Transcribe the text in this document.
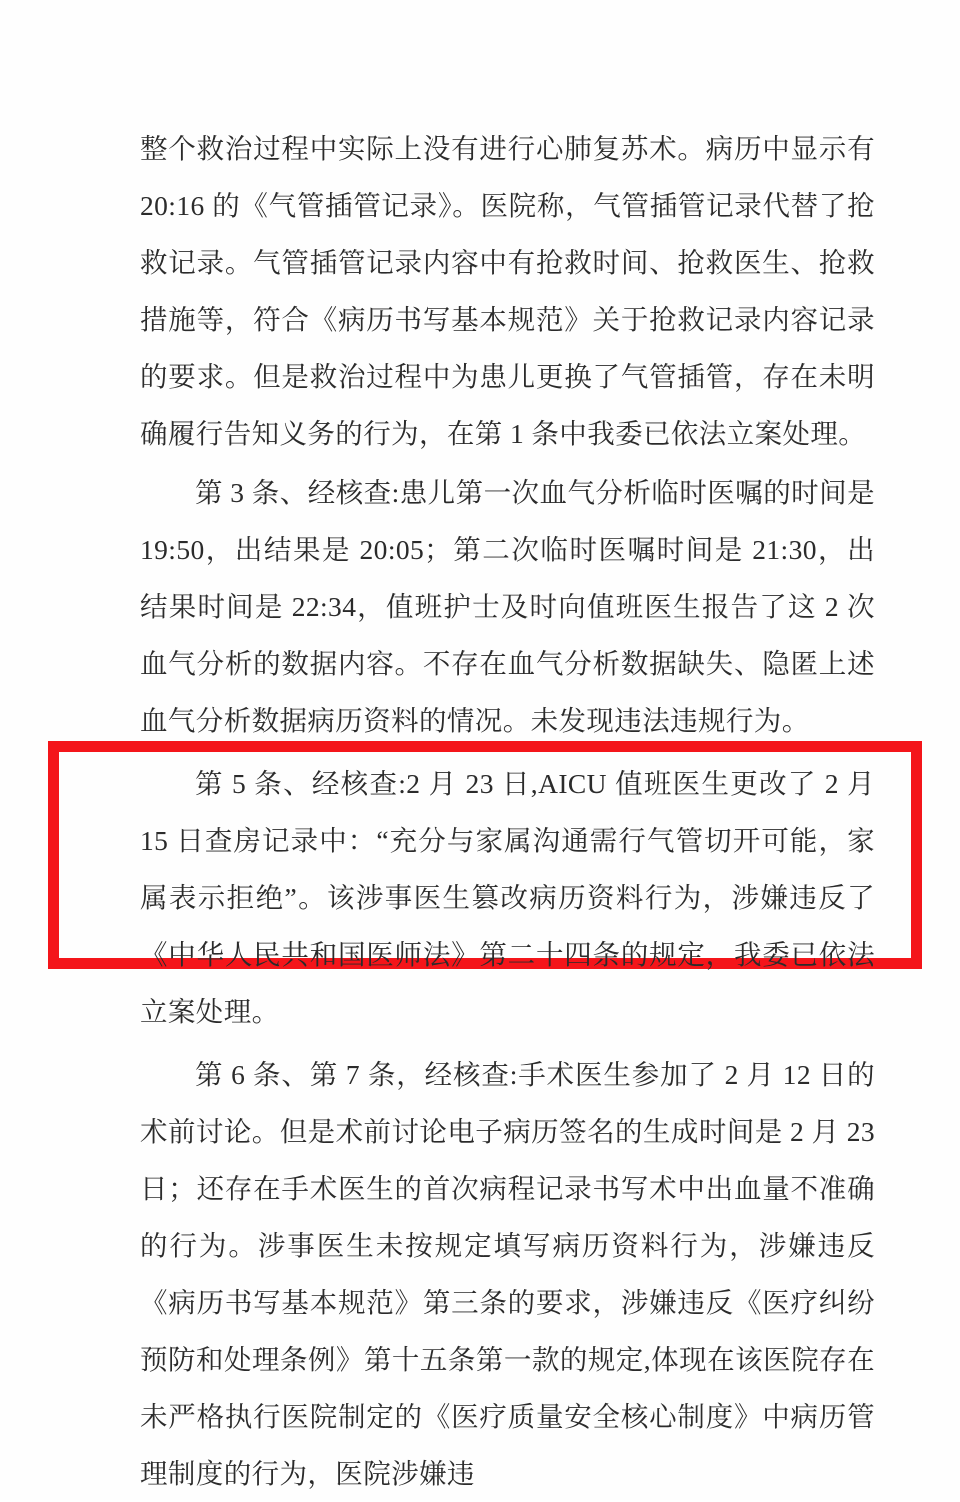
整个救治过程中实际上没有进行心肺复苏术。病历中显示有 20:16 的《气管插管记录》。医院称，气管插管记录代替了抢救记录。气管插管记录内容中有抢救时间、抢救医生、抢救措施等，符合《病历书写基本规范》关于抢救记录内容记录的要求。但是救治过程中为患儿更换了气管插管，存在未明确履行告知义务的行为，在第 1 条中我委已依法立案处理。

第 3 条、经核查:患儿第一次血气分析临时医嘱的时间是 19:50，出结果是 20:05；第二次临时医嘱时间是 21:30，出结果时间是 22:34，值班护士及时向值班医生报告了这 2 次血气分析的数据内容。不存在血气分析数据缺失、隐匿上述血气分析数据病历资料的情况。未发现违法违规行为。

第 5 条、经核查:2 月 23 日,AICU 值班医生更改了 2 月 15 日查房记录中：“充分与家属沟通需行气管切开可能，家属表示拒绝”。该涉事医生篡改病历资料行为，涉嫌违反了《中华人民共和国医师法》第二十四条的规定，我委已依法立案处理。

第 6 条、第 7 条，经核查:手术医生参加了 2 月 12 日的术前讨论。但是术前讨论电子病历签名的生成时间是 2 月 23 日；还存在手术医生的首次病程记录书写术中出血量不准确的行为。涉事医生未按规定填写病历资料行为，涉嫌违反《病历书写基本规范》第三条的要求，涉嫌违反《医疗纠纷预防和处理条例》第十五条第一款的规定,体现在该医院存在未严格执行医院制定的《医疗质量安全核心制度》中病历管理制度的行为，医院涉嫌违
